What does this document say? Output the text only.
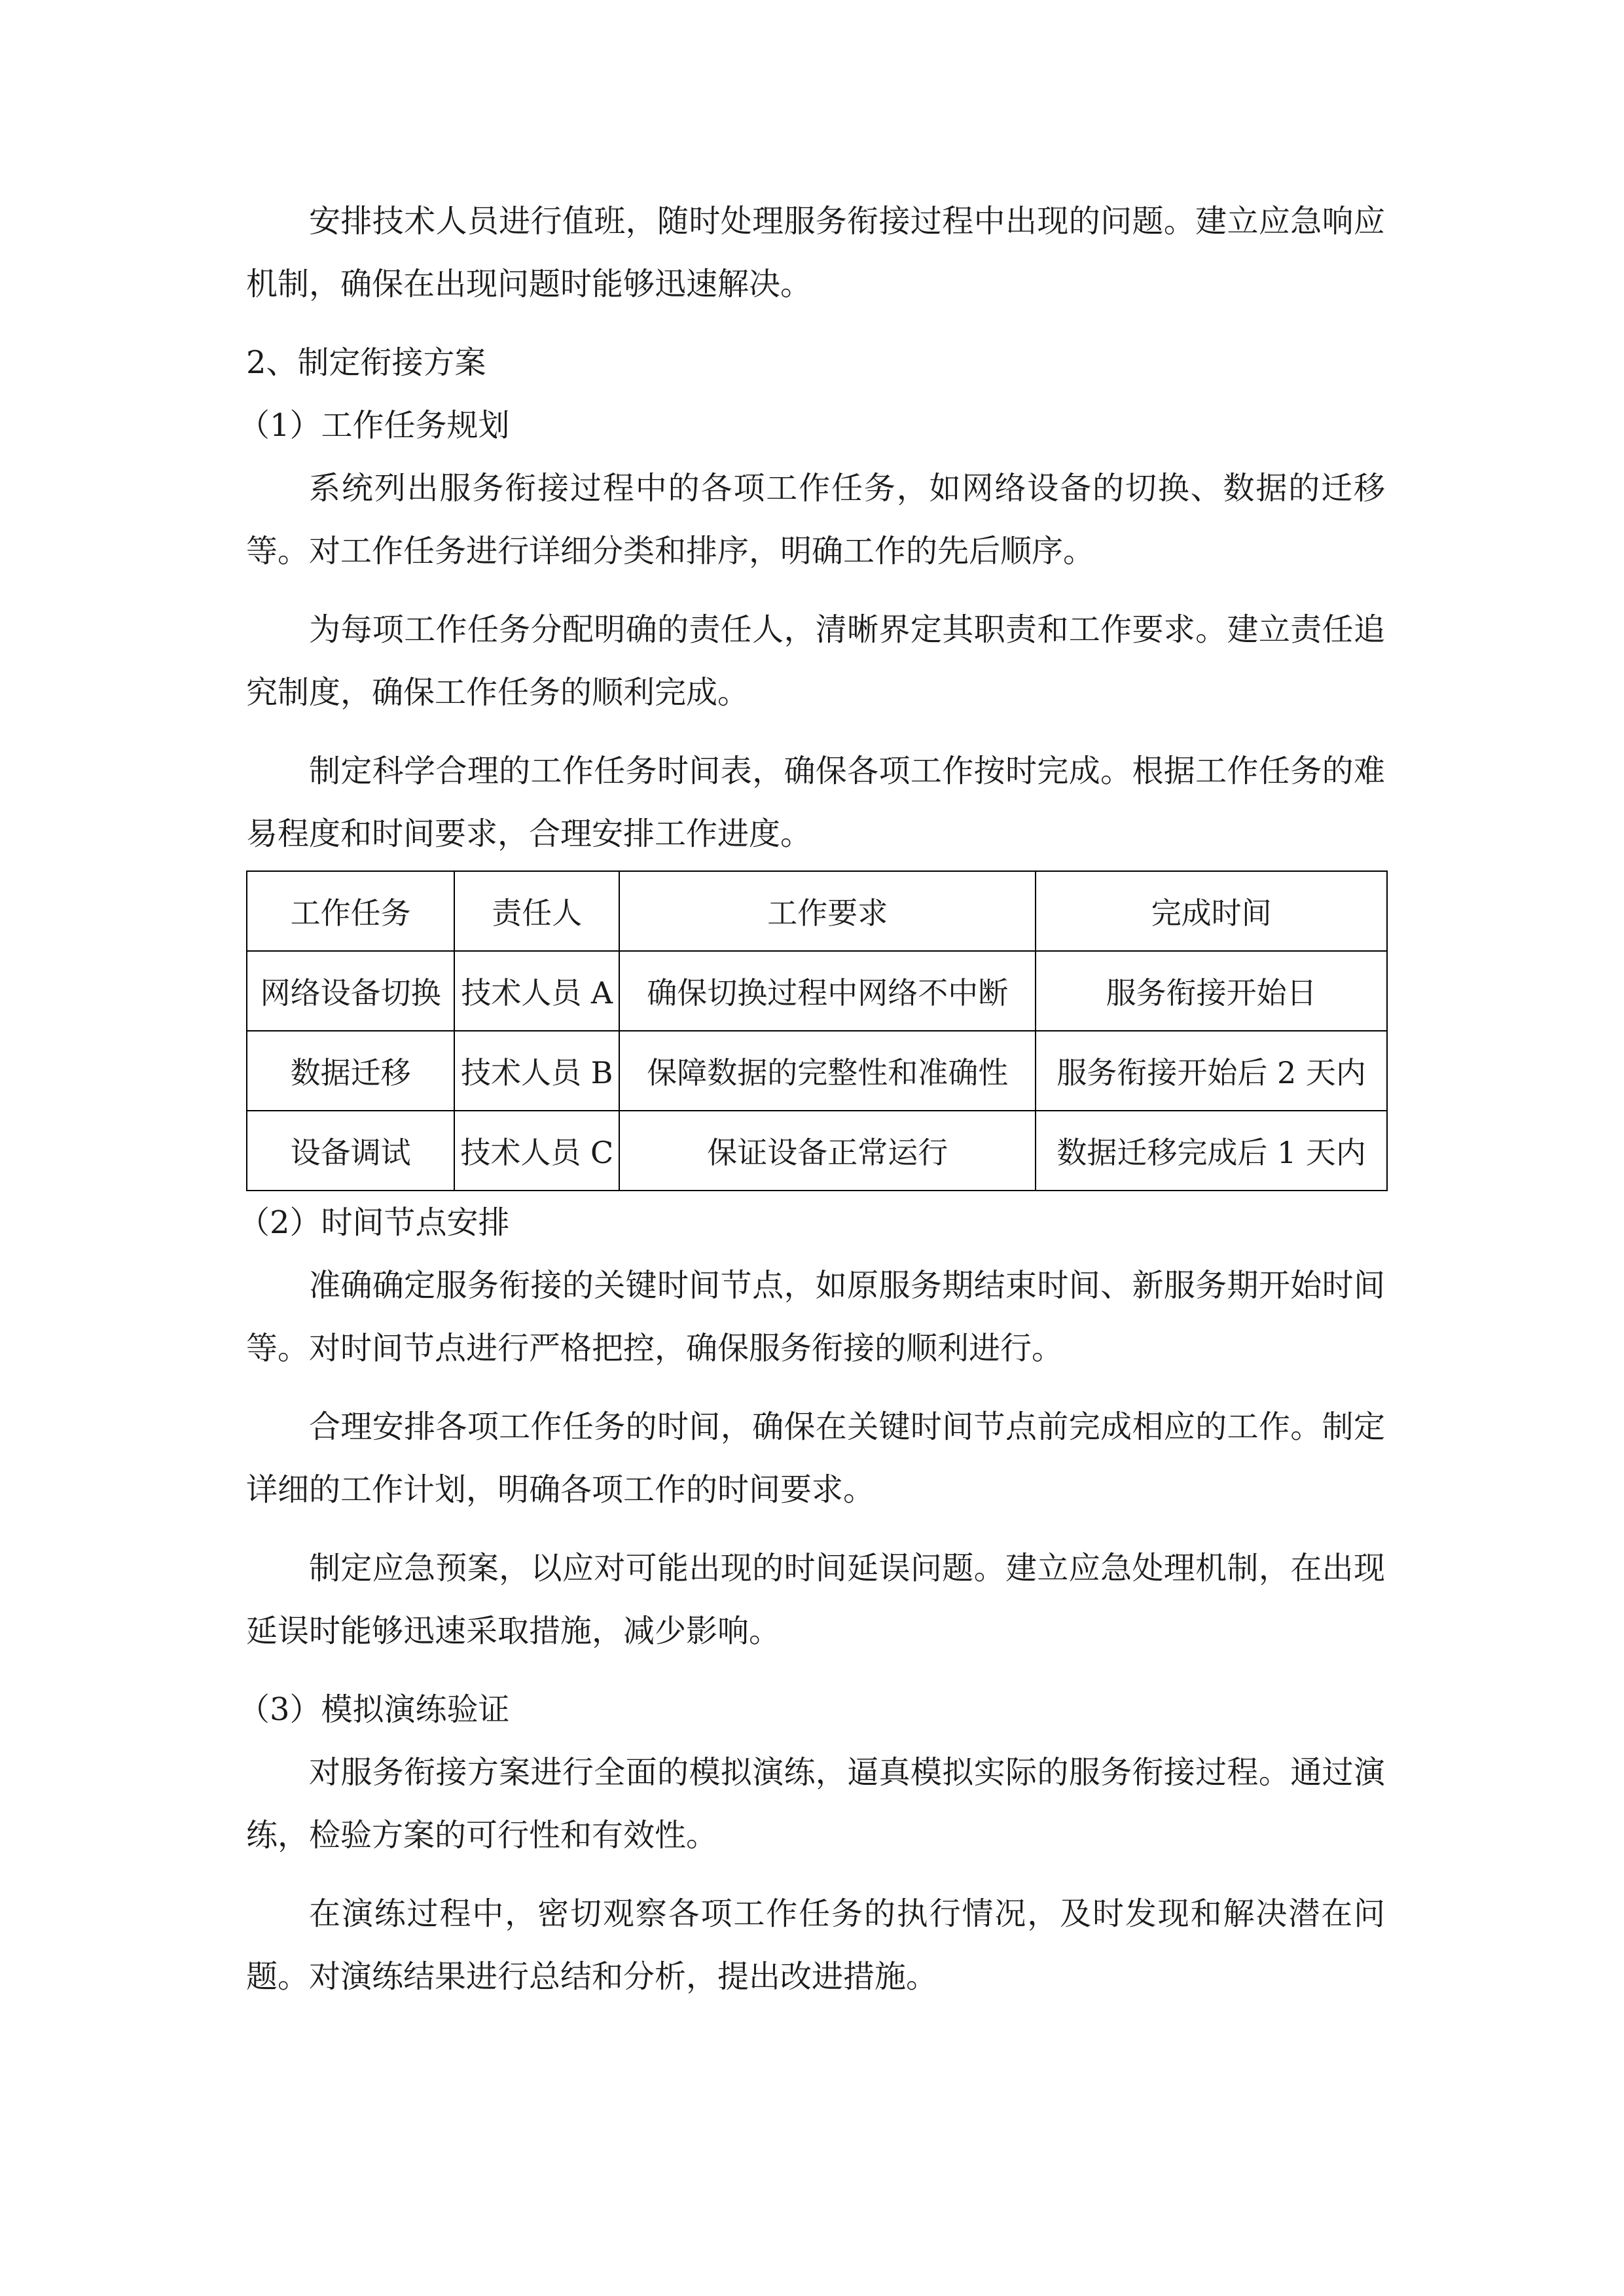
安排技术人员进行值班，随时处理服务衔接过程中出现的问题。建立应急响应机制，确保在出现问题时能够迅速解决。

2、制定衔接方案

（1）工作任务规划

系统列出服务衔接过程中的各项工作任务，如网络设备的切换、数据的迁移等。对工作任务进行详细分类和排序，明确工作的先后顺序。

为每项工作任务分配明确的责任人，清晰界定其职责和工作要求。建立责任追究制度，确保工作任务的顺利完成。

制定科学合理的工作任务时间表，确保各项工作按时完成。根据工作任务的难易程度和时间要求，合理安排工作进度。

工作任务	责任人	工作要求	完成时间
网络设备切换	技术人员 A	确保切换过程中网络不中断	服务衔接开始日
数据迁移	技术人员 B	保障数据的完整性和准确性	服务衔接开始后 2 天内
设备调试	技术人员 C	保证设备正常运行	数据迁移完成后 1 天内

（2）时间节点安排

准确确定服务衔接的关键时间节点，如原服务期结束时间、新服务期开始时间等。对时间节点进行严格把控，确保服务衔接的顺利进行。

合理安排各项工作任务的时间，确保在关键时间节点前完成相应的工作。制定详细的工作计划，明确各项工作的时间要求。

制定应急预案，以应对可能出现的时间延误问题。建立应急处理机制，在出现延误时能够迅速采取措施，减少影响。

（3）模拟演练验证

对服务衔接方案进行全面的模拟演练，逼真模拟实际的服务衔接过程。通过演练，检验方案的可行性和有效性。

在演练过程中，密切观察各项工作任务的执行情况，及时发现和解决潜在问题。对演练结果进行总结和分析，提出改进措施。
